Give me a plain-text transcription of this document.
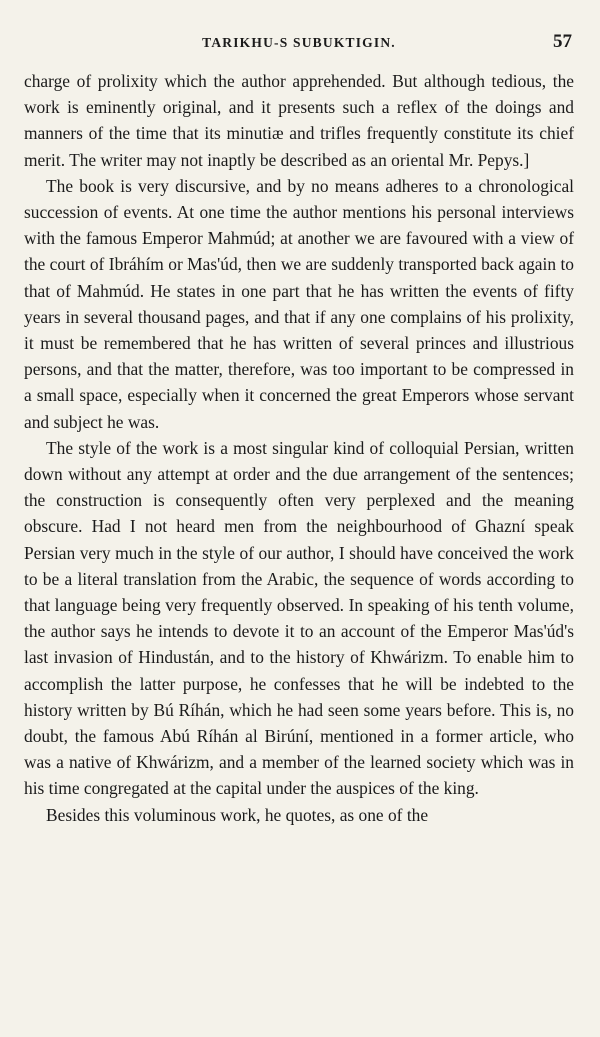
TARIKHU-S SUBUKTIGIN.	57

charge of prolixity which the author apprehended. But although tedious, the work is eminently original, and it presents such a reflex of the doings and manners of the time that its minutiæ and trifles frequently constitute its chief merit. The writer may not inaptly be described as an oriental Mr. Pepys.]

The book is very discursive, and by no means adheres to a chronological succession of events. At one time the author mentions his personal interviews with the famous Emperor Mahmúd; at another we are favoured with a view of the court of Ibráhím or Mas'úd, then we are suddenly transported back again to that of Mahmúd. He states in one part that he has written the events of fifty years in several thousand pages, and that if any one complains of his prolixity, it must be remembered that he has written of several princes and illustrious persons, and that the matter, therefore, was too important to be compressed in a small space, especially when it concerned the great Emperors whose servant and subject he was.

The style of the work is a most singular kind of colloquial Persian, written down without any attempt at order and the due arrangement of the sentences; the construction is consequently often very perplexed and the meaning obscure. Had I not heard men from the neighbourhood of Ghazní speak Persian very much in the style of our author, I should have conceived the work to be a literal translation from the Arabic, the sequence of words according to that language being very frequently observed. In speaking of his tenth volume, the author says he intends to devote it to an account of the Emperor Mas'úd's last invasion of Hindustán, and to the history of Khwárizm. To enable him to accomplish the latter purpose, he confesses that he will be indebted to the history written by Bú Ríhán, which he had seen some years before. This is, no doubt, the famous Abú Ríhán al Birúní, mentioned in a former article, who was a native of Khwárizm, and a member of the learned society which was in his time congregated at the capital under the auspices of the king.

Besides this voluminous work, he quotes, as one of the
